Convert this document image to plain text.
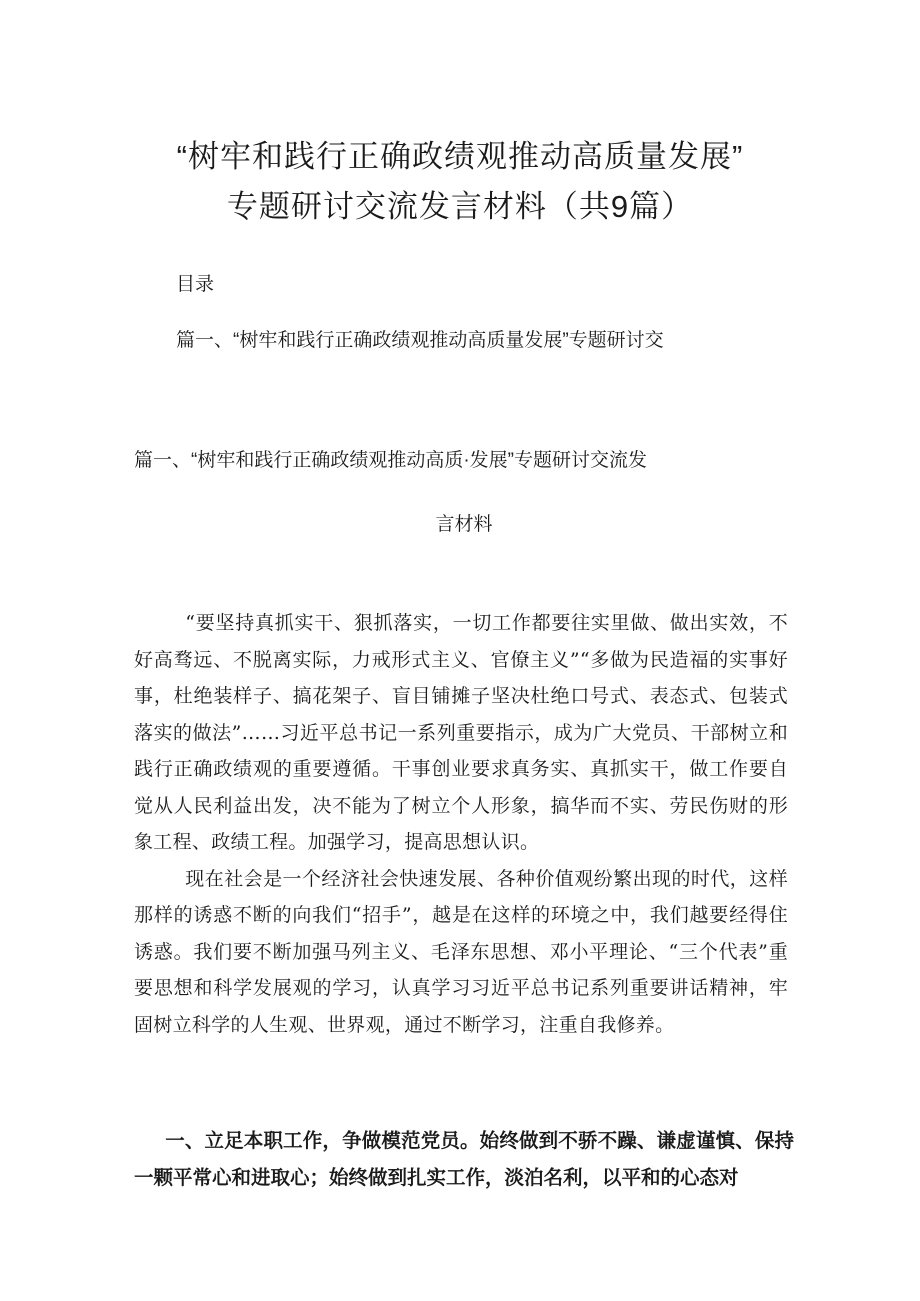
“树牢和践行正确政绩观推动高质量发展”
专题研讨交流发言材料（共9篇）
目录
篇一、“树牢和践行正确政绩观推动高质量发展”专题研讨交
篇一、“树牢和践行正确政绩观推动高质·发展”专题研讨交流发
言材料

“要坚持真抓实干、狠抓落实，一切工作都要往实里做、做出实效，不好高骛远、不脱离实际，力戒形式主义、官僚主义”“多做为民造福的实事好事，杜绝装样子、搞花架子、盲目铺摊子坚决杜绝口号式、表态式、包装式落实的做法”……习近平总书记一系列重要指示，成为广大党员、干部树立和践行正确政绩观的重要遵循。干事创业要求真务实、真抓实干，做工作要自觉从人民利益出发，决不能为了树立个人形象，搞华而不实、劳民伤财的形象工程、政绩工程。加强学习，提高思想认识。

现在社会是一个经济社会快速发展、各种价值观纷繁出现的时代，这样那样的诱惑不断的向我们“招手”，越是在这样的环境之中，我们越要经得住诱惑。我们要不断加强马列主义、毛泽东思想、邓小平理论、“三个代表”重要思想和科学发展观的学习，认真学习习近平总书记系列重要讲话精神，牢固树立科学的人生观、世界观，通过不断学习，注重自我修养。

一、立足本职工作，争做模范党员。始终做到不骄不躁、谦虚谨慎、保持一颗平常心和进取心；始终做到扎实工作，淡泊名利，以平和的心态对
